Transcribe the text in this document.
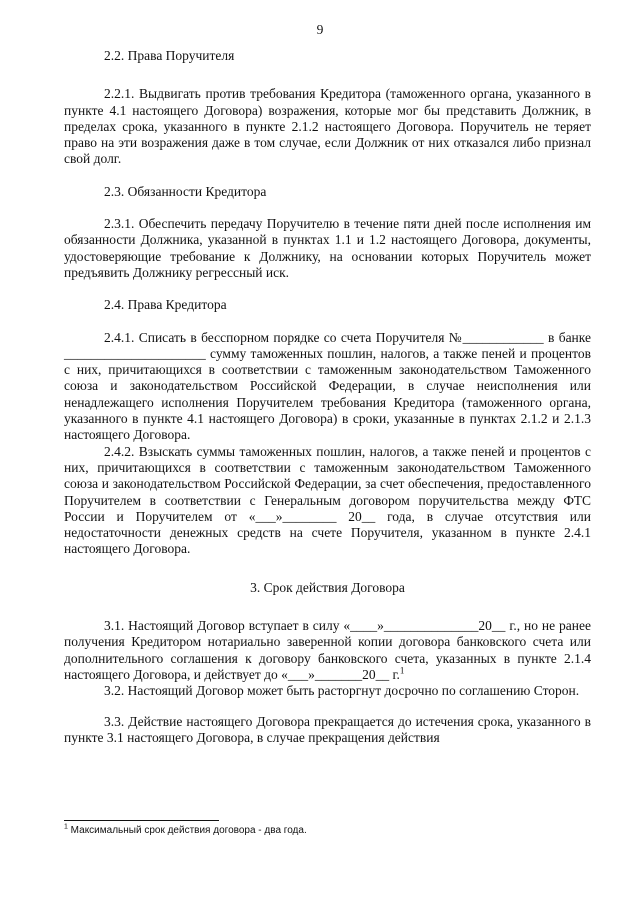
9

2.2. Права Поручителя

2.2.1. Выдвигать против требования Кредитора (таможенного органа, указанного в пункте 4.1 настоящего Договора) возражения, которые мог бы представить Должник, в пределах срока, указанного в пункте 2.1.2 настоящего Договора. Поручитель не теряет право на эти возражения даже в том случае, если Должник от них отказался либо признал свой долг.

2.3. Обязанности Кредитора

2.3.1. Обеспечить передачу Поручителю в течение пяти дней после исполнения им обязанности Должника, указанной в пунктах 1.1 и 1.2 настоящего Договора, документы, удостоверяющие требование к Должнику, на основании которых Поручитель может предъявить Должнику регрессный иск.

2.4. Права Кредитора

2.4.1. Списать в бесспорном порядке со счета Поручителя №____________ в банке _____________________ сумму таможенных пошлин, налогов, а также пеней и процентов с них, причитающихся в соответствии с таможенным законодательством Таможенного союза и законодательством Российской Федерации, в случае неисполнения или ненадлежащего исполнения Поручителем требования Кредитора (таможенного органа, указанного в пункте 4.1 настоящего Договора) в сроки, указанные в пунктах 2.1.2 и 2.1.3 настоящего Договора.

2.4.2. Взыскать суммы таможенных пошлин, налогов, а также пеней и процентов с них, причитающихся в соответствии с таможенным законодательством Таможенного союза и законодательством Российской Федерации, за счет обеспечения, предоставленного Поручителем в соответствии с Генеральным договором поручительства между ФТС России и Поручителем от «___»________ 20__ года, в случае отсутствия или недостаточности денежных средств на счете Поручителя, указанном в пункте 2.4.1 настоящего Договора.

3. Срок действия Договора

3.1. Настоящий Договор вступает в силу «____»______________20__ г., но не ранее получения Кредитором нотариально заверенной копии договора банковского счета или дополнительного соглашения к договору банковского счета, указанных в пункте 2.1.4 настоящего Договора, и действует до «___»_______20__ г.$^1$

3.2. Настоящий Договор может быть расторгнут досрочно по соглашению Сторон.

3.3. Действие настоящего Договора прекращается до истечения срока, указанного в пункте 3.1 настоящего Договора, в случае прекращения действия

$^1$ Максимальный срок действия договора - два года.
